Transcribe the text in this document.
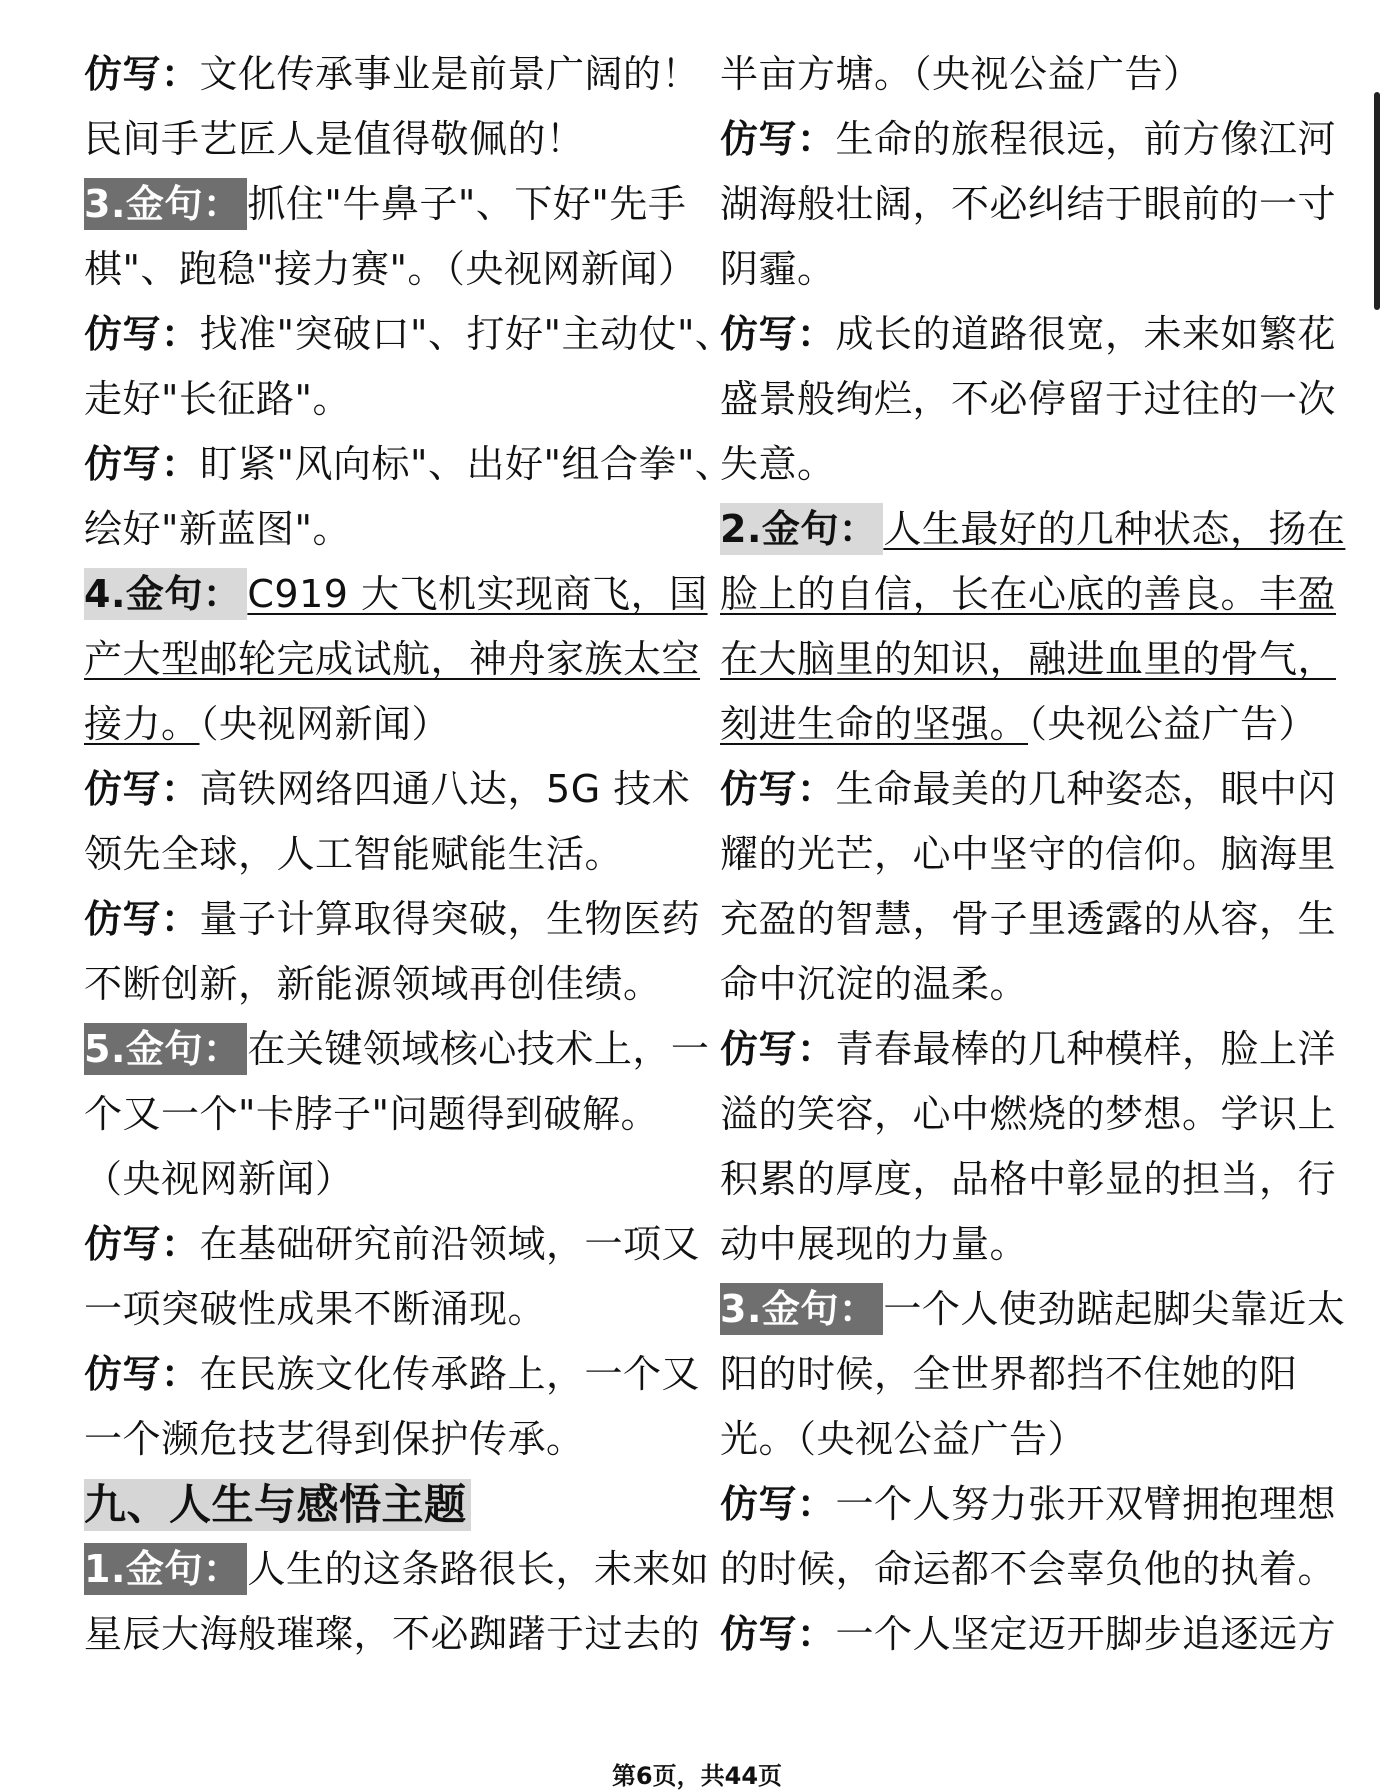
仿写：文化传承事业是前景广阔的！
民间手艺匠人是值得敬佩的！
3.金句： 抓住"牛鼻子"、下好"先手
棋"、跑稳"接力赛"。（央视网新闻）
仿写：找准"突破口"、打好"主动仗"、
走好"长征路"。
仿写：盯紧"风向标"、出好"组合拳"、
绘好"新蓝图"。
4.金句： C919 大飞机实现商飞，国
产大型邮轮完成试航，神舟家族太空
接力。（央视网新闻）
仿写：高铁网络四通八达，5G 技术
领先全球，人工智能赋能生活。
仿写：量子计算取得突破，生物医药
不断创新，新能源领域再创佳绩。
5.金句： 在关键领域核心技术上，一
个又一个"卡脖子"问题得到破解。
（央视网新闻）
仿写：在基础研究前沿领域，一项又
一项突破性成果不断涌现。
仿写：在民族文化传承路上，一个又
一个濒危技艺得到保护传承。
九、人生与感悟主题
1.金句： 人生的这条路很长，未来如
星辰大海般璀璨，不必踟躇于过去的
半亩方塘。（央视公益广告）
仿写：生命的旅程很远，前方像江河
湖海般壮阔，不必纠结于眼前的一寸
阴霾。
仿写：成长的道路很宽，未来如繁花
盛景般绚烂，不必停留于过往的一次
失意。
2.金句： 人生最好的几种状态，扬在
脸上的自信，长在心底的善良。丰盈
在大脑里的知识，融进血里的骨气，
刻进生命的坚强。（央视公益广告）
仿写：生命最美的几种姿态，眼中闪
耀的光芒，心中坚守的信仰。脑海里
充盈的智慧，骨子里透露的从容，生
命中沉淀的温柔。
仿写：青春最棒的几种模样，脸上洋
溢的笑容，心中燃烧的梦想。学识上
积累的厚度，品格中彰显的担当，行
动中展现的力量。
3.金句： 一个人使劲踮起脚尖靠近太
阳的时候，全世界都挡不住她的阳
光。（央视公益广告）
仿写：一个人努力张开双臂拥抱理想
的时候，命运都不会辜负他的执着。
仿写：一个人坚定迈开脚步追逐远方
第6页，共44页
